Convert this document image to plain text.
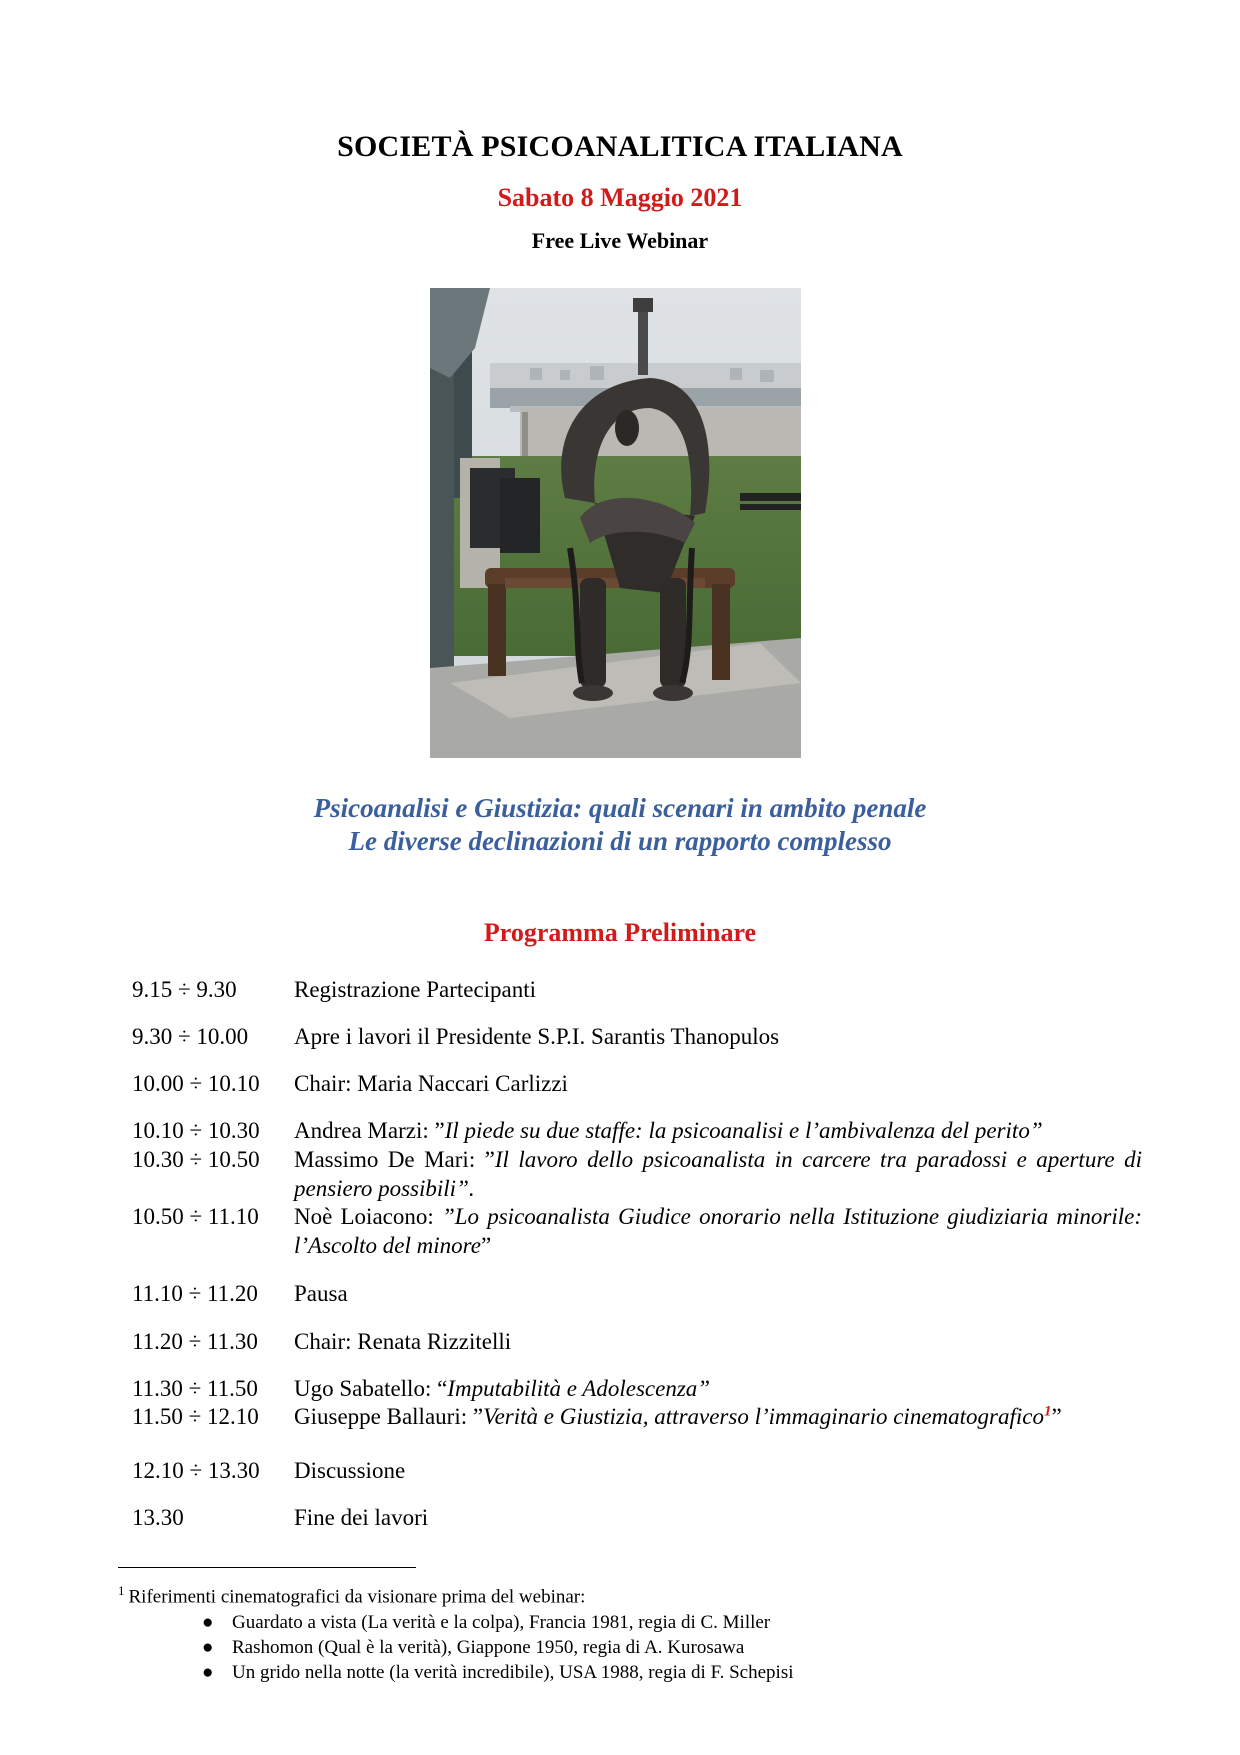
SOCIETÀ PSICOANALITICA ITALIANA
Sabato 8 Maggio 2021
Free Live Webinar
Psicoanalisi e Giustizia: quali scenari in ambito penale
Le diverse declinazioni di un rapporto complesso
Programma Preliminare
9.15 ÷ 9.30	Registrazione Partecipanti
9.30 ÷ 10.00	Apre i lavori il Presidente S.P.I. Sarantis Thanopulos
10.00 ÷ 10.10	Chair: Maria Naccari Carlizzi
10.10 ÷ 10.30	Andrea Marzi: ”Il piede su due staffe: la psicoanalisi e l’ambivalenza del perito”
10.30 ÷ 10.50	Massimo De Mari: ”Il lavoro dello psicoanalista in carcere tra paradossi e aperture di pensiero possibili”.
10.50 ÷ 11.10	Noè Loiacono: ”Lo psicoanalista Giudice onorario nella Istituzione giudiziaria minorile: l’Ascolto del minore”
11.10 ÷ 11.20	Pausa
11.20 ÷ 11.30	Chair: Renata Rizzitelli
11.30 ÷ 11.50	Ugo Sabatello: “Imputabilità e Adolescenza”
11.50 ÷ 12.10	Giuseppe Ballauri: ”Verità e Giustizia, attraverso l’immaginario cinematografico$^1$”
12.10 ÷ 13.30	Discussione
13.30	Fine dei lavori
$^1$ Riferimenti cinematografici da visionare prima del webinar:
● Guardato a vista (La verità e la colpa), Francia 1981, regia di C. Miller
● Rashomon (Qual è la verità), Giappone 1950, regia di A. Kurosawa
● Un grido nella notte (la verità incredibile), USA 1988, regia di F. Schepisi
